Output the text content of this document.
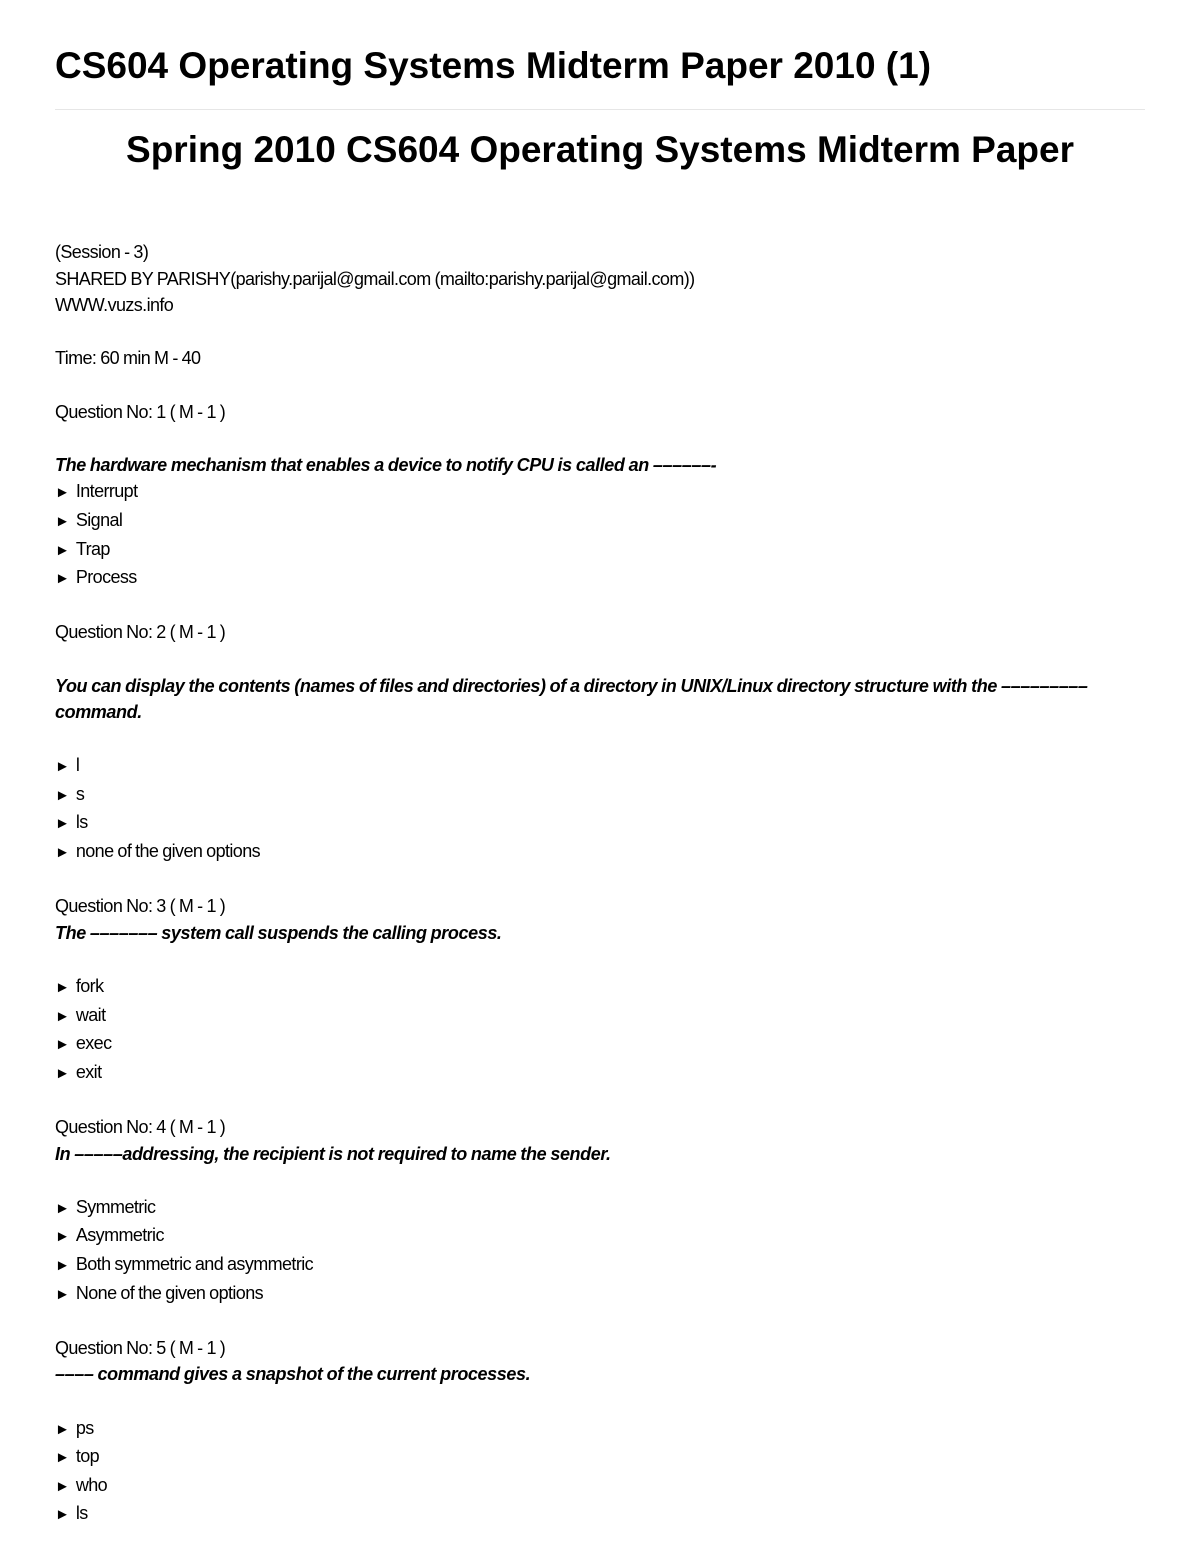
CS604 Operating Systems Midterm Paper 2010 (1)
Spring 2010 CS604 Operating Systems Midterm Paper
(Session - 3)
SHARED BY PARISHY(parishy.parijal@gmail.com (mailto:parishy.parijal@gmail.com))
WWW.vuzs.info
Time: 60 min M - 40
Question No: 1 ( M - 1 )
The hardware mechanism that enables a device to notify CPU is called an ––––––-
► Interrupt
► Signal
► Trap
► Process
Question No: 2 ( M - 1 )
You can display the contents (names of files and directories) of a directory in UNIX/Linux directory structure with the ––––––––– command.
► l
► s
► ls
► none of the given options
Question No: 3 ( M - 1 )
The ––––––– system call suspends the calling process.
► fork
► wait
► exec
► exit
Question No: 4 ( M - 1 )
In –––––addressing, the recipient is not required to name the sender.
► Symmetric
► Asymmetric
► Both symmetric and asymmetric
► None of the given options
Question No: 5 ( M - 1 )
–––– command gives a snapshot of the current processes.
► ps
► top
► who
► ls
